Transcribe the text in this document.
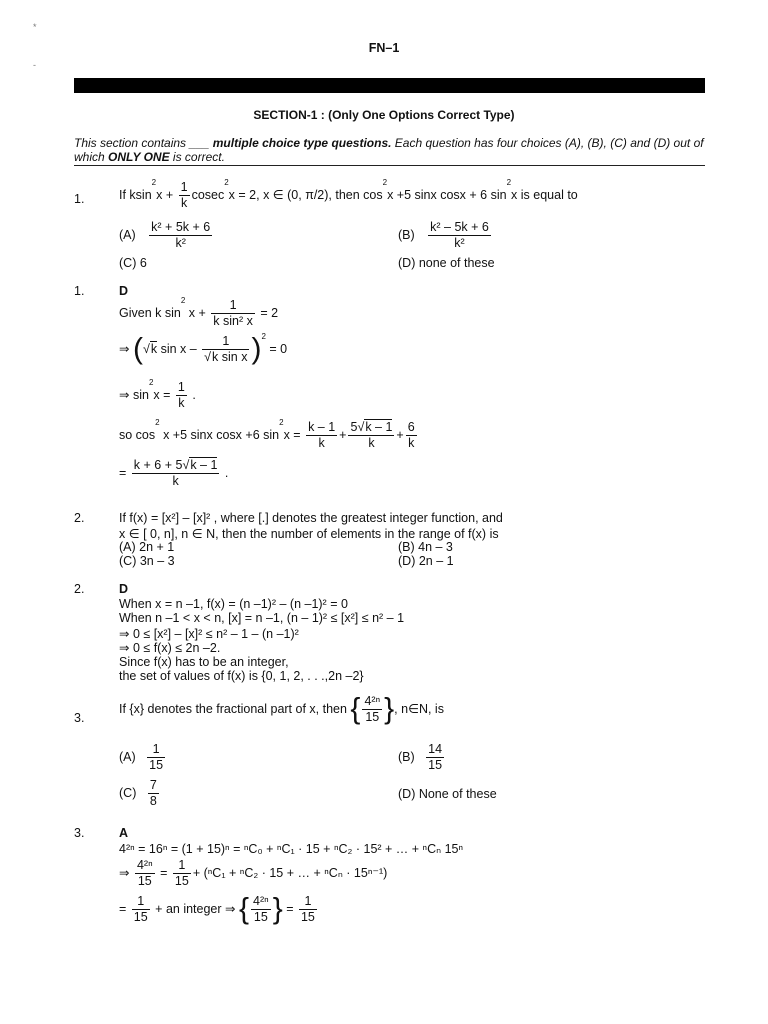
*
-
FN–1
SECTION-1 : (Only One Options Correct Type)
This section contains ___ multiple choice type questions. Each question has four choices (A), (B), (C) and (D) out of which ONLY ONE is correct.
1.	If $ksin^2x + \frac{1}{k} cosec^2x = 2$, x ∈ (0, π/2), then $\cos^2x +5$ sinx cosx + 6 $\sin^2x$ is equal to
$(A) \frac{\text{k² + 5k + 6}}{\text{k²}}$	$(B) \frac{\text{k² – 5k + 6}}{\text{k²}}$
(C) 6	(D) none of these
1.	D
Given k $\sin^2 x + \frac{1}{\text{k sin² x}} = 2$
⇒ (√k $\sin x - \frac{1}{\text{√k sin x}} )^2 = 0$
⇒ $\sin^2x = \frac{1}{k}$ .
so $\cos^2 x +5$ sinx cosx +6 $\sin^2x = \frac{k - 1}{k} + \frac{5√k - 1}{k} + \frac{6}{k}$
= $\frac{k + 6 + 5√k - 1}{k}$ .
2.	If f(x) = [x²] – [x]² , where [.] denotes the greatest integer function, and
x ∈ [ 0, n], n ∈ N, then the number of elements in the range of f(x) is
(A) 2n + 1	(B) 4n – 3
(C) 3n – 3	(D) 2n – 1
2.	D
When x = n –1, f(x) = (n –1)² – (n –1)² = 0
When n –1 < x < n, [x] = n –1, (n – 1)² ≤ [x²] ≤ n² – 1
⇒ 0 ≤ [x²] – [x]² ≤ n² – 1 – (n –1)²
⇒ 0 ≤ f(x) ≤ 2n –2.
Since f(x) has to be an integer,
the set of values of f(x) is {0, 1, 2, . . .,2n –2}
3.
If {x} denotes the fractional part of x, then { $\frac{\text{4²ⁿ}}{15}$ }, n∈N, is
$(A) \frac{1}{15}$	$(B) \frac{14}{15}$
$(C) \frac{7}{8}$	(D) None of these
3.	A
4²ⁿ = 16ⁿ = (1 + 15)ⁿ = ⁿC₀ + ⁿC₁ · 15 + ⁿC₂ · 15² + … + ⁿCₙ 15ⁿ
⇒ $\frac{\text{4²ⁿ}}{15} = \frac{1}{15} + (^nC_1 + ^nC_2 \cdot 15$ + … + ⁿCₙ · 15ⁿ⁻¹)
= $\frac{1}{15}$ + an integer ⇒ { $\frac{\text{4²ⁿ}}{15}$ } = $\frac{1}{15}$
